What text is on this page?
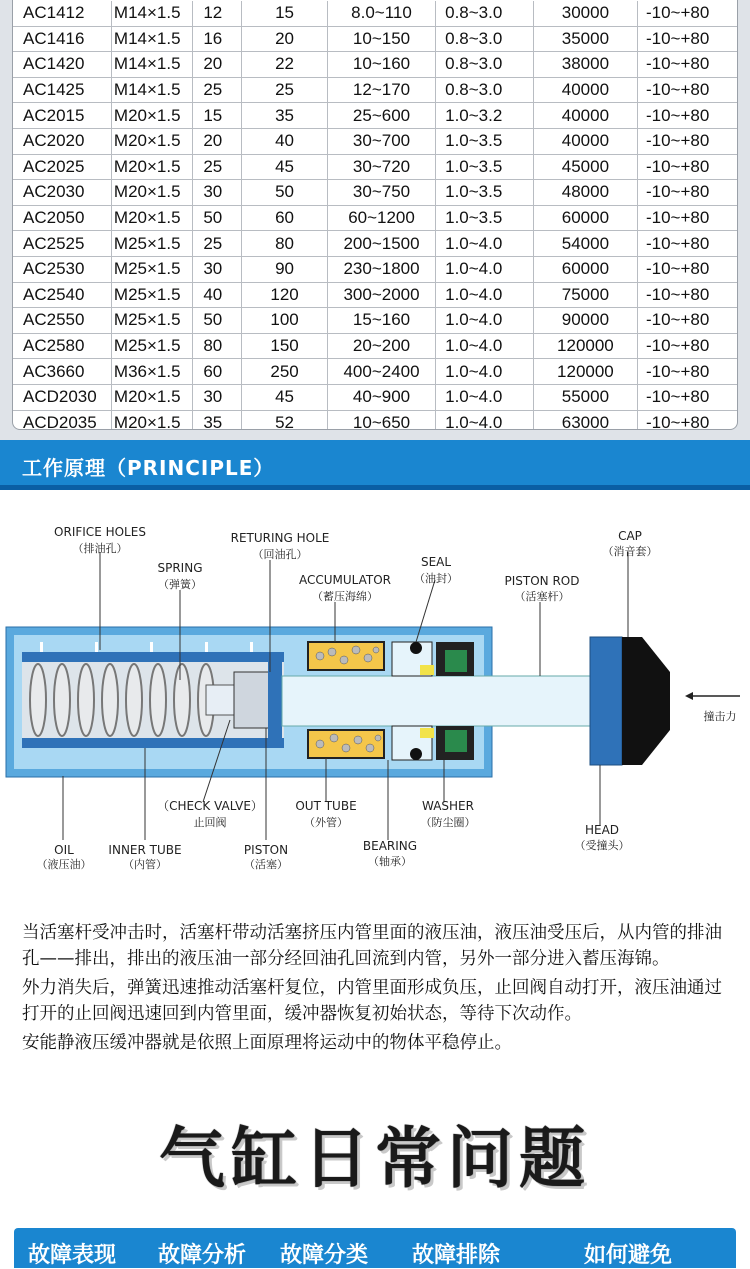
AC1412	M14×1.5	12	15	8.0~110	0.8~3.0	30000	-10~+80
AC1416	M14×1.5	16	20	10~150	0.8~3.0	35000	-10~+80
AC1420	M14×1.5	20	22	10~160	0.8~3.0	38000	-10~+80
AC1425	M14×1.5	25	25	12~170	0.8~3.0	40000	-10~+80
AC2015	M20×1.5	15	35	25~600	1.0~3.2	40000	-10~+80
AC2020	M20×1.5	20	40	30~700	1.0~3.5	40000	-10~+80
AC2025	M20×1.5	25	45	30~720	1.0~3.5	45000	-10~+80
AC2030	M20×1.5	30	50	30~750	1.0~3.5	48000	-10~+80
AC2050	M20×1.5	50	60	60~1200	1.0~3.5	60000	-10~+80
AC2525	M25×1.5	25	80	200~1500	1.0~4.0	54000	-10~+80
AC2530	M25×1.5	30	90	230~1800	1.0~4.0	60000	-10~+80
AC2540	M25×1.5	40	120	300~2000	1.0~4.0	75000	-10~+80
AC2550	M25×1.5	50	100	15~160	1.0~4.0	90000	-10~+80
AC2580	M25×1.5	80	150	20~200	1.0~4.0	120000	-10~+80
AC3660	M36×1.5	60	250	400~2400	1.0~4.0	120000	-10~+80
ACD2030	M20×1.5	30	45	40~900	1.0~4.0	55000	-10~+80
ACD2035	M20×1.5	35	52	10~650	1.0~4.0	63000	-10~+80
工作原理（PRINCIPLE）
ORIFICE HOLES
（排油孔）
SPRING
（弹簧）
RETURING HOLE
（回油孔）
ACCUMULATOR
（蓄压海绵）
SEAL
（油封）	PISTON ROD
（活塞杆）
CAP
（消音套）
撞击力
（CHECK VALVE）
止回阀
OUT TUBE
（外管）
WASHER
（防尘圈）
HEAD
（受撞头）
OIL
（液压油）
INNER TUBE
（内管）
PISTON
（活塞）
BEARING
（轴承）

当活塞杆受冲击时，活塞杆带动活塞挤压内管里面的液压油，液压油受压后，从内管的排油孔——排出，排出的液压油一部分经回油孔回流到内管，另外一部分进入蓄压海锦。

外力消失后，弹簧迅速推动活塞杆复位，内管里面形成负压，止回阀自动打开，液压油通过打开的止回阀迅速回到内管里面，缓冲器恢复初始状态，等待下次动作。

安能静液压缓冲器就是依照上面原理将运动中的物体平稳停止。

气缸日常问题
故障表现 故障分析 故障分类 故障排除	如何避免
